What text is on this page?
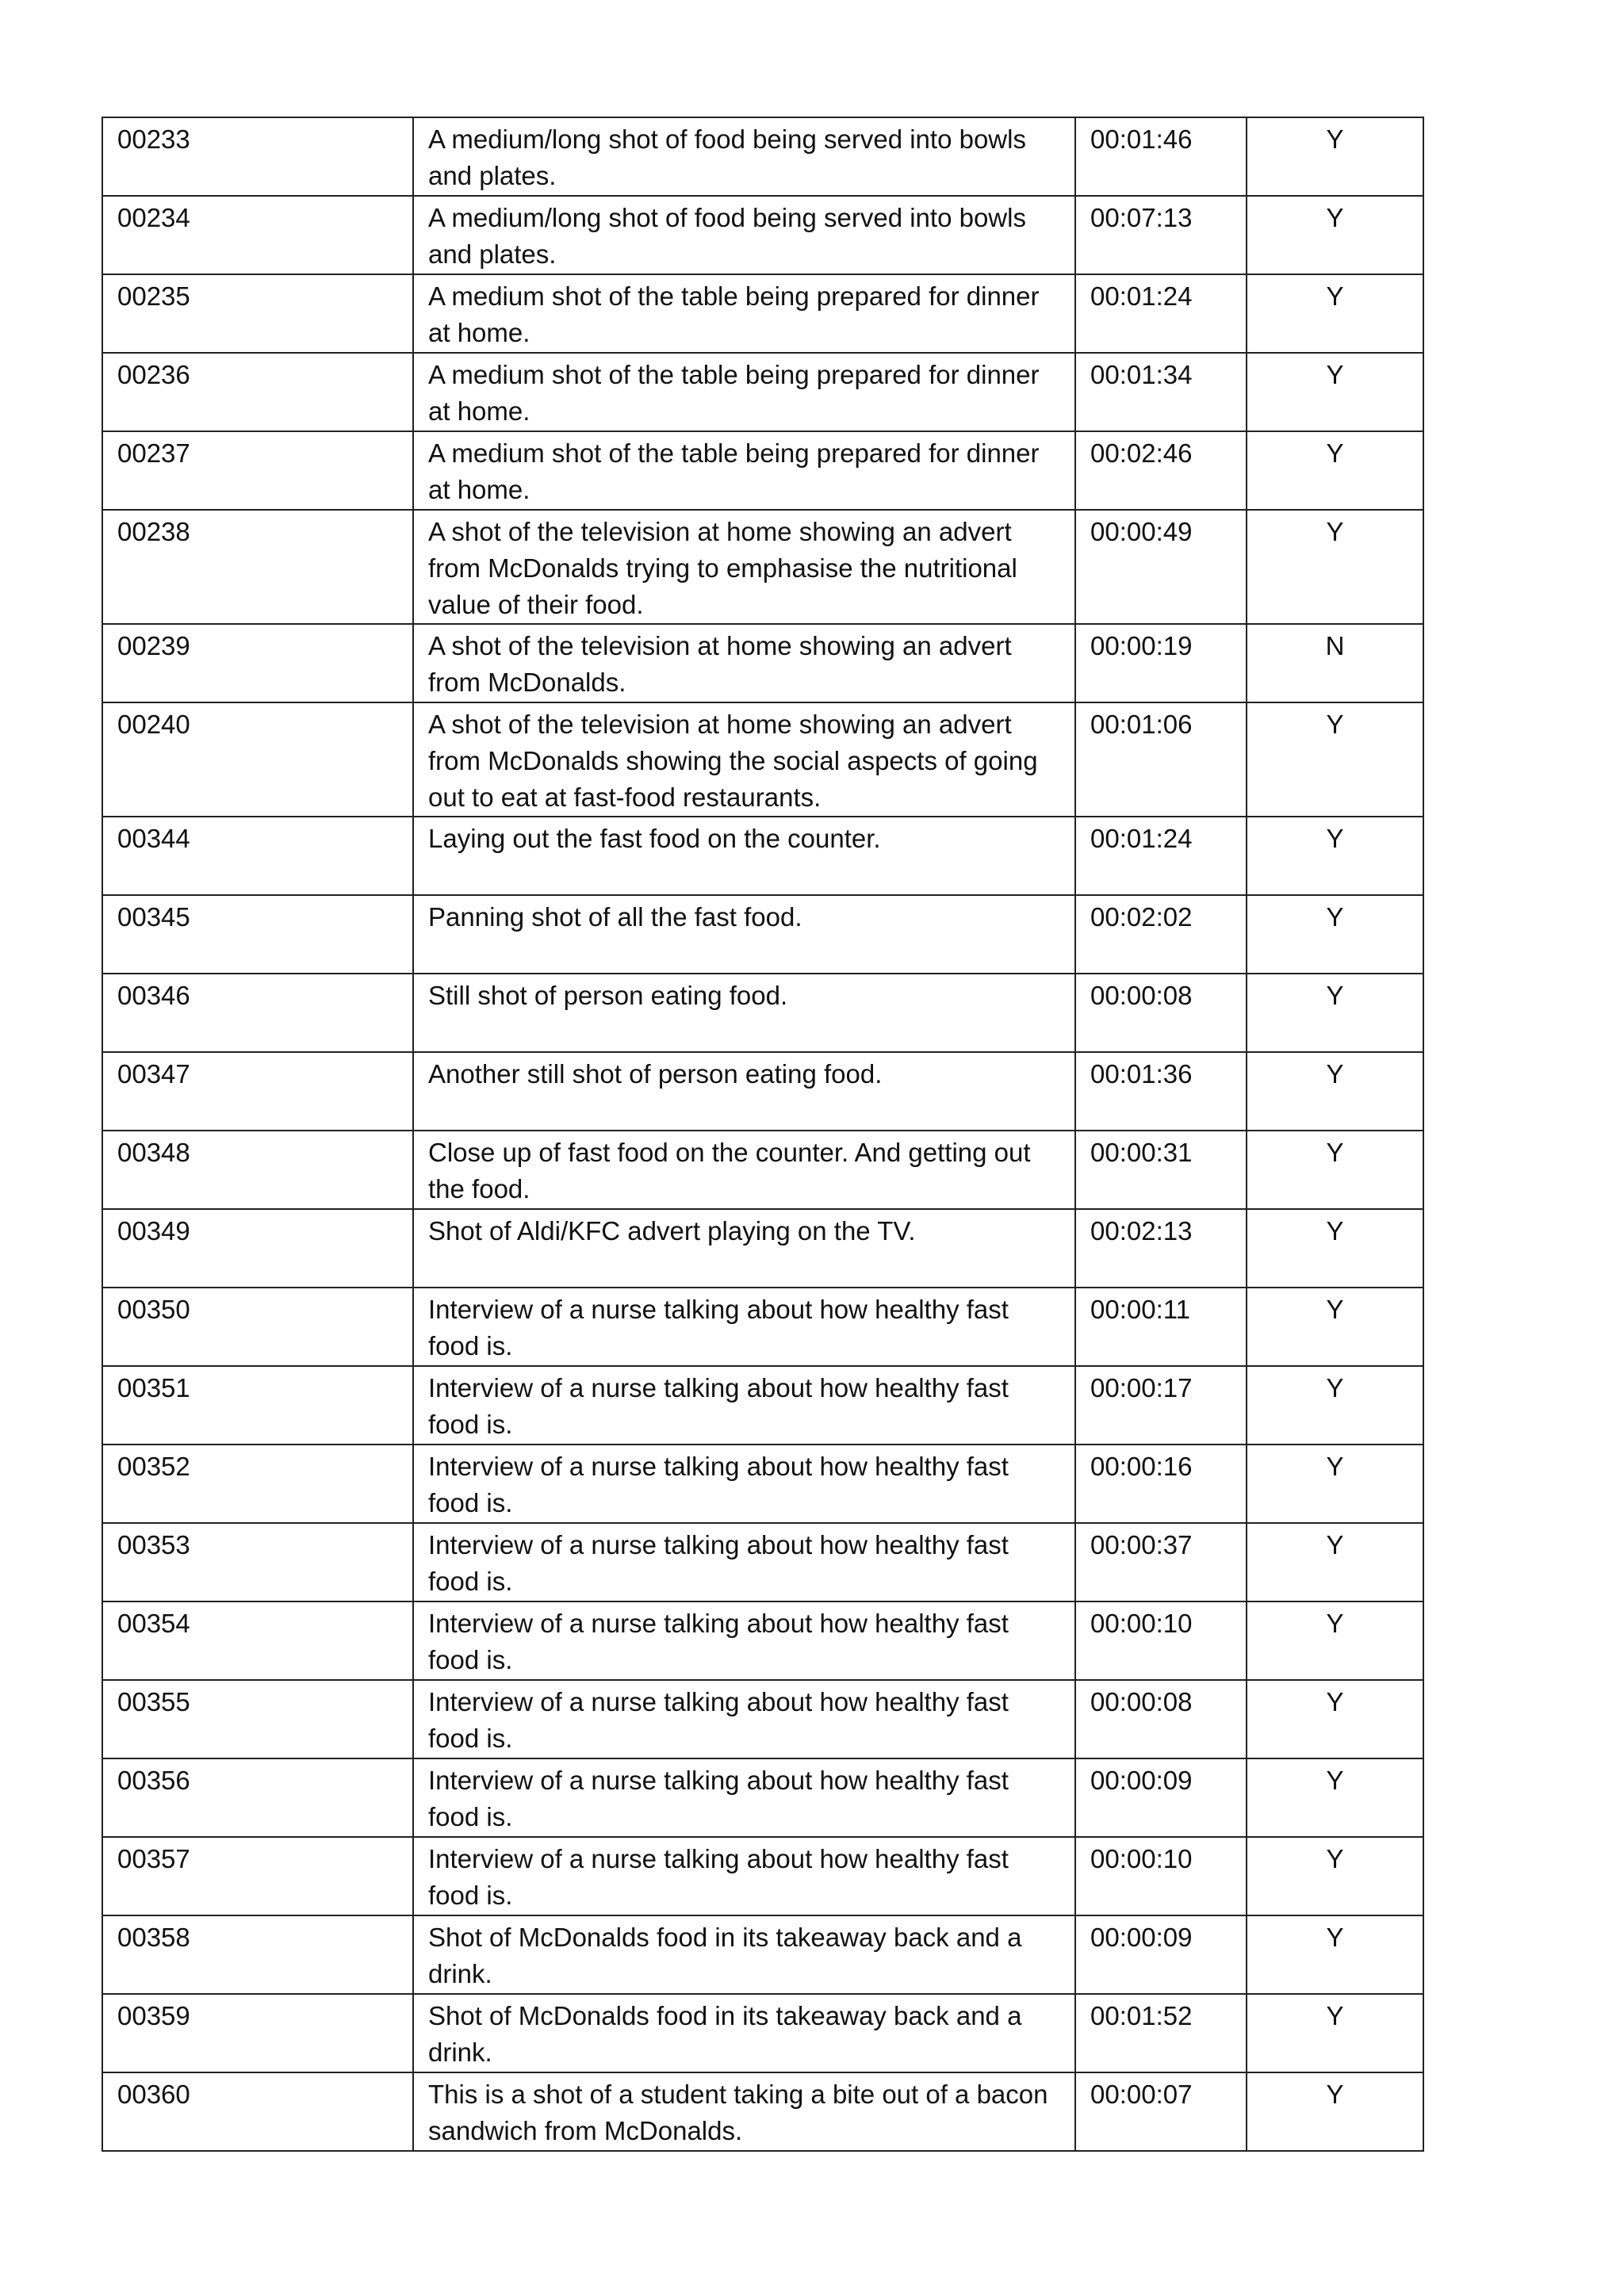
00233	A medium/long shot of food being served into bowls and plates.	00:01:46	Y
00234	A medium/long shot of food being served into bowls and plates.	00:07:13	Y
00235	A medium shot of the table being prepared for dinner at home.	00:01:24	Y
00236	A medium shot of the table being prepared for dinner at home.	00:01:34	Y
00237	A medium shot of the table being prepared for dinner at home.	00:02:46	Y
00238	A shot of the television at home showing an advert from McDonalds trying to emphasise the nutritional value of their food.	00:00:49	Y
00239	A shot of the television at home showing an advert from McDonalds.	00:00:19	N
00240	A shot of the television at home showing an advert from McDonalds showing the social aspects of going out to eat at fast-food restaurants.	00:01:06	Y
00344	Laying out the fast food on the counter.	00:01:24	Y
00345	Panning shot of all the fast food.	00:02:02	Y
00346	Still shot of person eating food.	00:00:08	Y
00347	Another still shot of person eating food.	00:01:36	Y
00348	Close up of fast food on the counter. And getting out the food.	00:00:31	Y
00349	Shot of Aldi/KFC advert playing on the TV.	00:02:13	Y
00350	Interview of a nurse talking about how healthy fast food is.	00:00:11	Y
00351	Interview of a nurse talking about how healthy fast food is.	00:00:17	Y
00352	Interview of a nurse talking about how healthy fast food is.	00:00:16	Y
00353	Interview of a nurse talking about how healthy fast food is.	00:00:37	Y
00354	Interview of a nurse talking about how healthy fast food is.	00:00:10	Y
00355	Interview of a nurse talking about how healthy fast food is.	00:00:08	Y
00356	Interview of a nurse talking about how healthy fast food is.	00:00:09	Y
00357	Interview of a nurse talking about how healthy fast food is.	00:00:10	Y
00358	Shot of McDonalds food in its takeaway back and a drink.	00:00:09	Y
00359	Shot of McDonalds food in its takeaway back and a drink.	00:01:52	Y
00360	This is a shot of a student taking a bite out of a bacon sandwich from McDonalds.	00:00:07	Y
